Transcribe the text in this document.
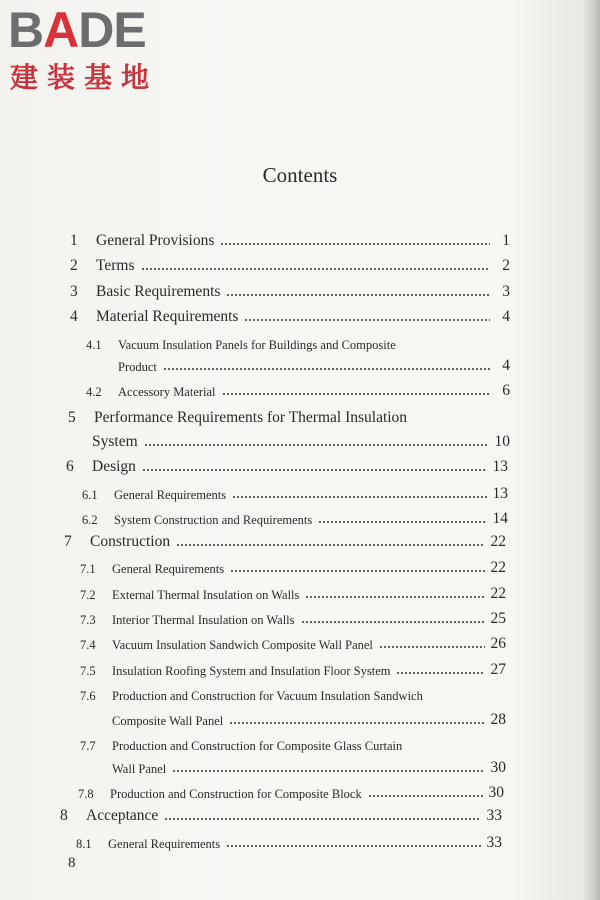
BADE
建装基地
Contents
1	General Provisions	1
2	Terms	2
3	Basic Requirements	3
4	Material Requirements	4
4.1	Vacuum Insulation Panels for Buildings and Composite
Product	4
4.2	Accessory Material	6
5	Performance Requirements for Thermal Insulation
System	10
6	Design	13
6.1	General Requirements	13
6.2	System Construction and Requirements	14
7	Construction	22
7.1	General Requirements	22
7.2	External Thermal Insulation on Walls	22
7.3	Interior Thermal Insulation on Walls	25
7.4	Vacuum Insulation Sandwich Composite Wall Panel	26
7.5	Insulation Roofing System and Insulation Floor System	27
7.6	Production and Construction for Vacuum Insulation Sandwich
Composite Wall Panel	28
7.7	Production and Construction for Composite Glass Curtain
Wall Panel	30
7.8	Production and Construction for Composite Block	30
8	Acceptance	33
8.1	General Requirements	33
8
